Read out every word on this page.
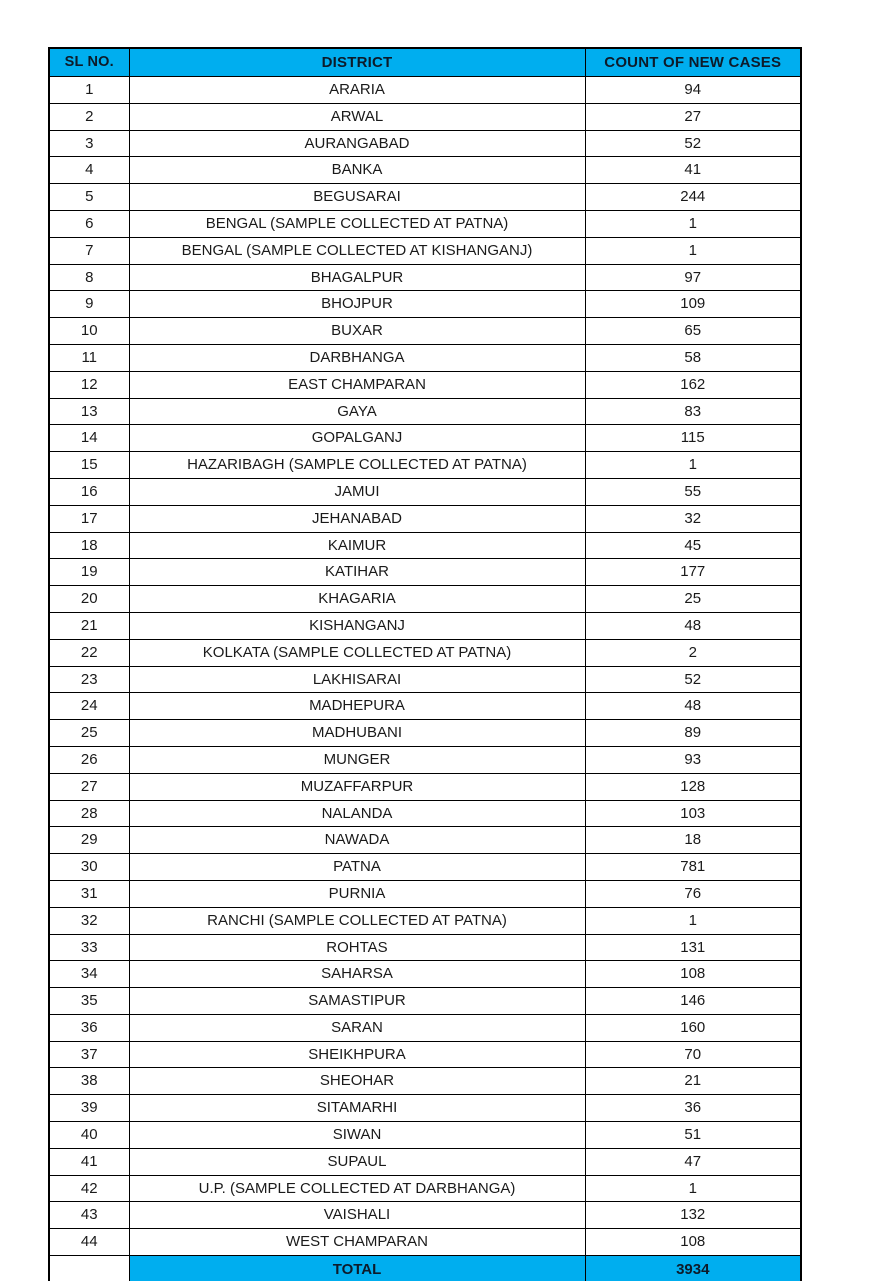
SL NO.	DISTRICT	COUNT OF NEW CASES
1	ARARIA	94
2	ARWAL	27
3	AURANGABAD	52
4	BANKA	41
5	BEGUSARAI	244
6	BENGAL (SAMPLE COLLECTED AT PATNA)	1
7	BENGAL (SAMPLE COLLECTED AT KISHANGANJ)	1
8	BHAGALPUR	97
9	BHOJPUR	109
10	BUXAR	65
11	DARBHANGA	58
12	EAST CHAMPARAN	162
13	GAYA	83
14	GOPALGANJ	115
15	HAZARIBAGH (SAMPLE COLLECTED AT PATNA)	1
16	JAMUI	55
17	JEHANABAD	32
18	KAIMUR	45
19	KATIHAR	177
20	KHAGARIA	25
21	KISHANGANJ	48
22	KOLKATA (SAMPLE COLLECTED AT PATNA)	2
23	LAKHISARAI	52
24	MADHEPURA	48
25	MADHUBANI	89
26	MUNGER	93
27	MUZAFFARPUR	128
28	NALANDA	103
29	NAWADA	18
30	PATNA	781
31	PURNIA	76
32	RANCHI (SAMPLE COLLECTED AT PATNA)	1
33	ROHTAS	131
34	SAHARSA	108
35	SAMASTIPUR	146
36	SARAN	160
37	SHEIKHPURA	70
38	SHEOHAR	21
39	SITAMARHI	36
40	SIWAN	51
41	SUPAUL	47
42	U.P. (SAMPLE COLLECTED AT DARBHANGA)	1
43	VAISHALI	132
44	WEST CHAMPARAN	108
	TOTAL	3934
